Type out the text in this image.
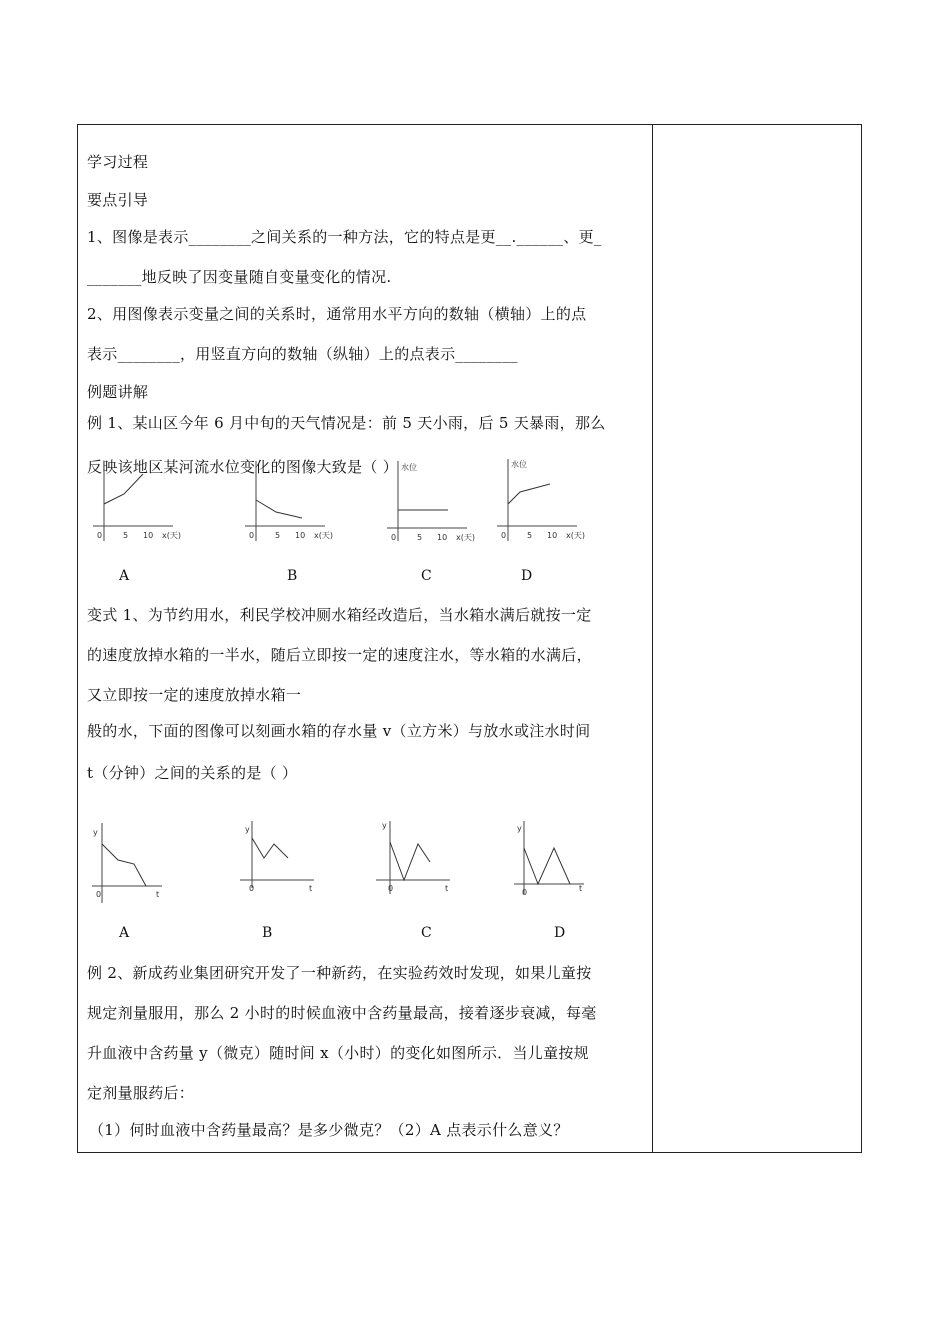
学习过程
要点引导
1、图像是表示________之间关系的一种方法，它的特点是更__.______、更_
_______地反映了因变量随自变量变化的情况.
2、用图像表示变量之间的关系时，通常用水平方向的数轴（横轴）上的点
表示________，用竖直方向的数轴（纵轴）上的点表示________
例题讲解
例 1、某山区今年 6 月中旬的天气情况是：前 5 天小雨，后 5 天暴雨，那么
反映该地区某河流水位变化的图像大致是（ ）
0	5 10 x(天)	0	5 10 x(天)
水位
0	5 10 x(天)
水位
0	5 10 x(天)
A	B	C	D
变式 1、为节约用水，利民学校冲厕水箱经改造后，当水箱水满后就按一定
的速度放掉水箱的一半水，随后立即按一定的速度注水，等水箱的水满后，
又立即按一定的速度放掉水箱一
般的水，下面的图像可以刻画水箱的存水量 v（立方米）与放水或注水时间
t（分钟）之间的关系的是（ ）
y
0	t
y
0	t
y
0	t
y
0	t
A	B	C	D
例 2、新成药业集团研究开发了一种新药，在实验药效时发现，如果儿童按
规定剂量服用，那么 2 小时的时候血液中含药量最高，接着逐步衰减，每毫
升血液中含药量 y（微克）随时间 x（小时）的变化如图所示．当儿童按规
定剂量服药后：
（1）何时血液中含药量最高？是多少微克？（2）A 点表示什么意义？
